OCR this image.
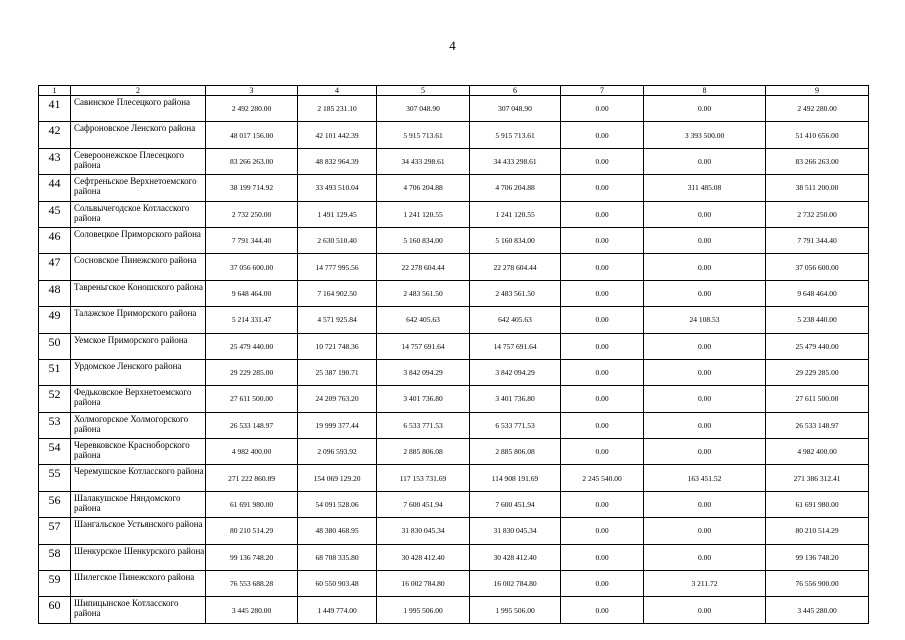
4
1	2	3	4	5	6	7	8	9
41	Савинское Плесецкого района	2 492 280.00	2 185 231.10	307 048.90	307 048.90	0.00	0.00	2 492 280.00
42	Сафроновское Ленского района	48 017 156.00	42 101 442.39	5 915 713.61	5 915 713.61	0.00	3 393 500.00	51 410 656.00
43	Североонежское Плесецкого района	83 266 263.00	48 832 964.39	34 433 298.61	34 433 298.61	0.00	0.00	83 266 263.00
44	Сефтреньское Верхнетоемского района	38 199 714.92	33 493 510.04	4 706 204.88	4 706 204.88	0.00	311 485.08	38 511 200.00
45	Сольвычегодское Котласского района	2 732 250.00	1 491 129.45	1 241 120.55	1 241 120.55	0.00	0.00	2 732 250.00
46	Соловецкое Приморского района	7 791 344.40	2 630 510.40	5 160 834.00	5 160 834.00	0.00	0.00	7 791 344.40
47	Сосновское Пинежского района	37 056 600.00	14 777 995.56	22 278 604.44	22 278 604.44	0.00	0.00	37 056 600.00
48	Тавреньгское Коношского района	9 648 464.00	7 164 902.50	2 483 561.50	2 483 561.50	0.00	0.00	9 648 464.00
49	Талажское Приморского района	5 214 331.47	4 571 925.84	642 405.63	642 405.63	0.00	24 108.53	5 238 440.00
50	Уемское Приморского района	25 479 440.00	10 721 748.36	14 757 691.64	14 757 691.64	0.00	0.00	25 479 440.00
51	Урдомское Ленского района	29 229 285.00	25 387 190.71	3 842 094.29	3 842 094.29	0.00	0.00	29 229 285.00
52	Федьковское Верхнетоемского района	27 611 500.00	24 209 763.20	3 401 736.80	3 401 736.80	0.00	0.00	27 611 500.00
53	Холмогорское Холмогорского района	26 533 148.97	19 999 377.44	6 533 771.53	6 533 771.53	0.00	0.00	26 533 148.97
54	Черевковское Красноборского района	4 982 400.00	2 096 593.92	2 885 806.08	2 885 806.08	0.00	0.00	4 982 400.00
55	Черемушское Котласского района	271 222 860.89	154 069 129.20	117 153 731.69	114 908 191.69	2 245 540.00	163 451.52	271 386 312.41
56	Шалакушское Няндомского района	61 691 980.00	54 091 528.06	7 600 451.94	7 600 451.94	0.00	0.00	61 691 980.00
57	Шангальское Устьянского района	80 210 514.29	48 380 468.95	31 830 045.34	31 830 045.34	0.00	0.00	80 210 514.29
58	Шенкурское Шенкурского района	99 136 748.20	68 708 335.80	30 428 412.40	30 428 412.40	0.00	0.00	99 136 748.20
59	Шилегское Пинежского района	76 553 688.28	60 550 903.48	16 002 784.80	16 002 784.80	0.00	3 211.72	76 556 900.00
60	Шипицынское Котласского района	3 445 280.00	1 449 774.00	1 995 506.00	1 995 506.00	0.00	0.00	3 445 280.00
